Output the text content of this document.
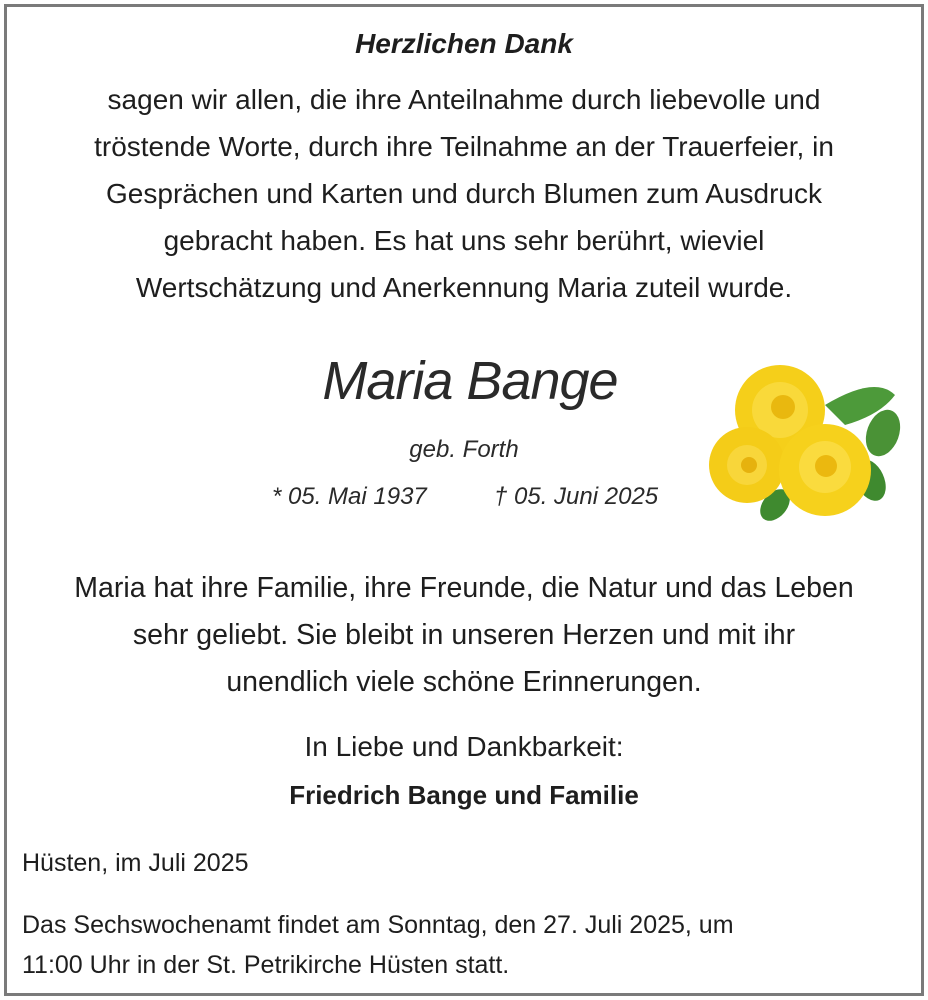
Herzlichen Dank
sagen wir allen, die ihre Anteilnahme durch liebevolle und
tröstende Worte, durch ihre Teilnahme an der Trauerfeier, in
Gesprächen und Karten und durch Blumen zum Ausdruck
gebracht haben. Es hat uns sehr berührt, wieviel
Wertschätzung und Anerkennung Maria zuteil wurde.
Maria Bange
geb. Forth
* 05. Mai 1937	† 05. Juni 2025
Maria hat ihre Familie, ihre Freunde, die Natur und das Leben
sehr geliebt. Sie bleibt in unseren Herzen und mit ihr
unendlich viele schöne Erinnerungen.
In Liebe und Dankbarkeit:
Friedrich Bange und Familie
Hüsten, im Juli 2025
Das Sechswochenamt findet am Sonntag, den 27. Juli 2025, um
11:00 Uhr in der St. Petrikirche Hüsten statt.
